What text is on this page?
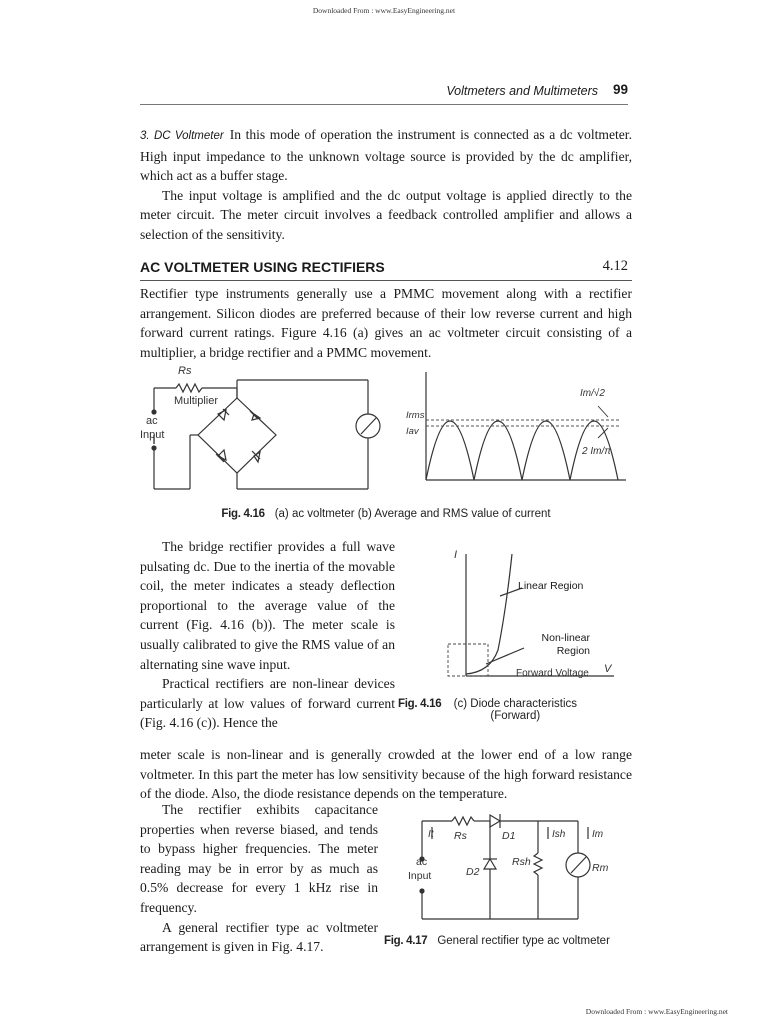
Downloaded From : www.EasyEngineering.net
Voltmeters and Multimeters 99

3. DC Voltmeter In this mode of operation the instrument is connected as a dc voltmeter. High input impedance to the unknown voltage source is provided by the dc amplifier, which act as a buffer stage.

The input voltage is amplified and the dc output voltage is applied directly to the meter circuit. The meter circuit involves a feedback controlled amplifier and allows a selection of the sensitivity.

AC VOLTMETER USING RECTIFIERS	4.12

Rectifier type instruments generally use a PMMC movement along with a rectifier arrangement. Silicon diodes are preferred because of their low reverse current and high forward current ratings. Figure 4.16 (a) gives an ac voltmeter circuit consisting of a multiplier, a bridge rectifier and a PMMC movement.

Rs
Multiplier
ac
Input
Irms
Iav
Im/√2
2 Im/π
Fig. 4.16 (a) ac voltmeter (b) Average and RMS value of current

The bridge rectifier provides a full wave pulsating dc. Due to the inertia of the movable coil, the meter indicates a steady deflection proportional to the average value of the current (Fig. 4.16 (b)). The meter scale is usually calibrated to give the RMS value of an alternating sine wave input.

Practical rectifiers are non-linear devices particularly at low values of forward current (Fig. 4.16 (c)). Hence the

I
V
Forward Voltage
Linear Region
Non-linear Region
Fig. 4.16 (c) Diode characteristics (Forward)

meter scale is non-linear and is generally crowded at the lower end of a low range voltmeter. In this part the meter has low sensitivity because of the high forward resistance of the diode. Also, the diode resistance depends on the temperature.

The rectifier exhibits capacitance properties when reverse biased, and tends to bypass higher frequencies. The meter reading may be in error by as much as 0.5% decrease for every 1 kHz rise in frequency.

A general rectifier type ac voltmeter arrangement is given in Fig. 4.17.

It Rs	D1	Ish	Im
ac
Input	D2
Rsh	Rm
Fig. 4.17 General rectifier type ac voltmeter
Downloaded From : www.EasyEngineering.net
